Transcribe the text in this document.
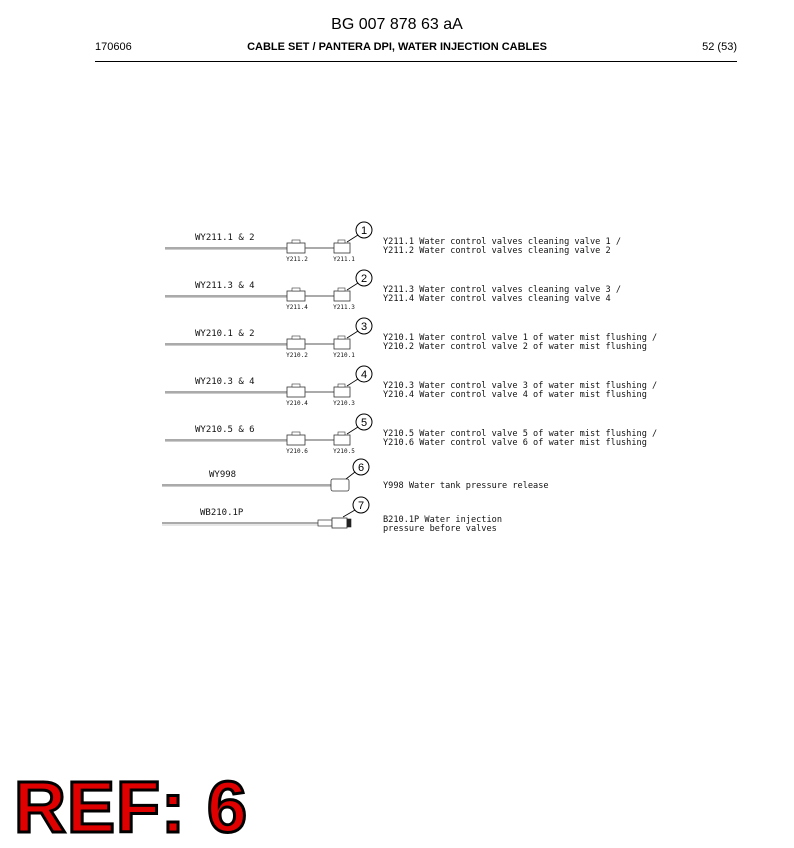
BG 007 878 63 aA
170606	CABLE SET / PANTERA DPI, WATER INJECTION CABLES	52 (53)
1
WY211.1 & 2
Y211.2	Y211.1
Y211.1 Water control valves cleaning valve 1 /
Y211.2 Water control valves cleaning valve 2
2
WY211.3 & 4
Y211.4	Y211.3
Y211.3 Water control valves cleaning valve 3 /
Y211.4 Water control valves cleaning valve 4
3
WY210.1 & 2
Y210.2	Y210.1
Y210.1 Water control valve 1 of water mist flushing /
Y210.2 Water control valve 2 of water mist flushing
4
WY210.3 & 4
Y210.4	Y210.3
Y210.3 Water control valve 3 of water mist flushing /
Y210.4 Water control valve 4 of water mist flushing
5
WY210.5 & 6
Y210.6	Y210.5
Y210.5 Water control valve 5 of water mist flushing /
Y210.6 Water control valve 6 of water mist flushing
6
WY998
Y998 Water tank pressure release
7
WB210.1P
B210.1P Water injection
pressure before valves
REF: 6
